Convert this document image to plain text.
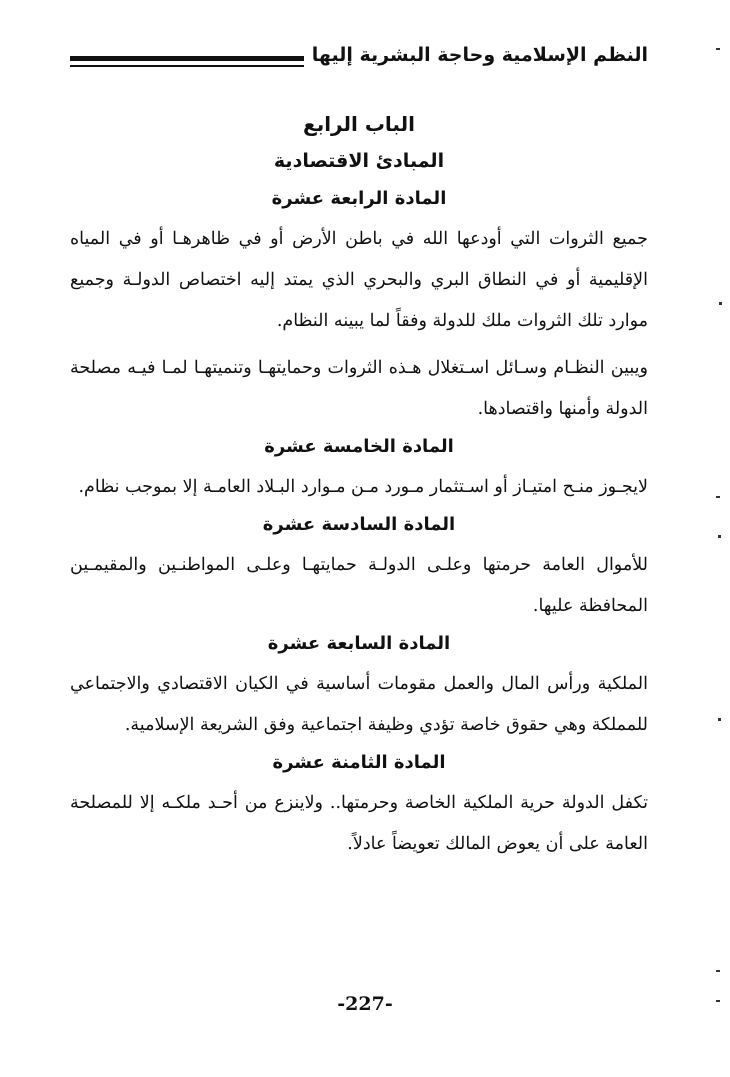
النظم الإسلامية وحاجة البشرية إليها
الباب الرابع
المبادئ الاقتصادية
المادة الرابعة عشرة

جميع الثروات التي أودعها الله في باطن الأرض أو في ظاهرهـا أو في المياه الإقليمية أو في النطاق البري والبحري الذي يمتد إليه اختصاص الدولـة وجميع موارد تلك الثروات ملك للدولة وفقاً لما يبينه النظام.

ويبين النظـام وسـائل اسـتغلال هـذه الثروات وحمايتهـا وتنميتهـا لمـا فيـه مصلحة الدولة وأمنها واقتصادها.

المادة الخامسة عشرة

لايجـوز منـح امتيـاز أو اسـتثمار مـورد مـن مـوارد البـلاد العامـة إلا بموجب نظام.

المادة السادسة عشرة

للأموال العامة حرمتها وعلـى الدولـة حمايتهـا وعلـى المواطنـين والمقيمـين المحافظة عليها.

المادة السابعة عشرة

الملكية ورأس المال والعمل مقومات أساسية في الكيان الاقتصادي والاجتماعي للمملكة وهي حقوق خاصة تؤدي وظيفة اجتماعية وفق الشريعة الإسلامية.

المادة الثامنة عشرة

تكفل الدولة حرية الملكية الخاصة وحرمتها.. ولاينزع من أحـد ملكـه إلا للمصلحة العامة على أن يعوض المالك تعويضاً عادلاً.

-227-
